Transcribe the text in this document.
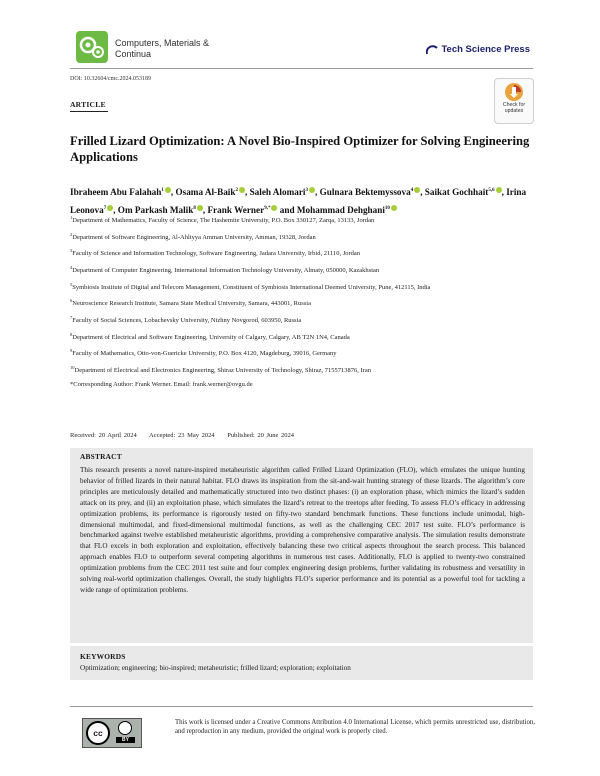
Computers, Materials & Continua	Tech Science Press
DOI: 10.32604/cmc.2024.053189
Check for updates
ARTICLE
Frilled Lizard Optimization: A Novel Bio-Inspired Optimizer for Solving Engineering Applications
Ibraheem Abu Falahah$^1$ , Osama Al-Baik$^2$ , Saleh Alomari$^3$ , Gulnara Bektemyssova$^4$ , Saikat Gochhait$^{5,6}$ , Irina Leonova$^7$ , Om Parkash Malik$^8$ , Frank Werner$^{9,*}$ and Mohammad Dehghani$^{10}$
$^1$Department of Mathematics, Faculty of Science, The Hashemite University, P.O. Box 330127, Zarqa, 13133, Jordan
$^2$Department of Software Engineering, Al-Ahliyya Amman University, Amman, 19328, Jordan
$^3$Faculty of Science and Information Technology, Software Engineering, Jadara University, Irbid, 21110, Jordan
$^4$Department of Computer Engineering, International Information Technology University, Almaty, 050000, Kazakhstan
$^5$Symbiosis Institute of Digital and Telecom Management, Constituent of Symbiosis International Deemed University, Pune, 412115, India
$^6$Neuroscience Research Institute, Samara State Medical University, Samara, 443001, Russia
$^7$Faculty of Social Sciences, Lobachevsky University, Nizhny Novgorod, 603950, Russia
$^8$Department of Electrical and Software Engineering, University of Calgary, Calgary, AB T2N 1N4, Canada
$^9$Faculty of Mathematics, Otto-von-Guericke University, P.O. Box 4120, Magdeburg, 39016, Germany
$^{10}$Department of Electrical and Electronics Engineering, Shiraz University of Technology, Shiraz, 7155713876, Iran
*Corresponding Author: Frank Werner. Email: frank.werner@ovgu.de
Received: 20 April 2024 Accepted: 23 May 2024 Published: 20 June 2024
ABSTRACT
This research presents a novel nature-inspired metaheuristic algorithm called Frilled Lizard Optimization (FLO), which emulates the unique hunting behavior of frilled lizards in their natural habitat. FLO draws its inspiration from the sit-and-wait hunting strategy of these lizards. The algorithm’s core principles are meticulously detailed and mathematically structured into two distinct phases: (i) an exploration phase, which mimics the lizard’s sudden attack on its prey, and (ii) an exploitation phase, which simulates the lizard’s retreat to the treetops after feeding. To assess FLO’s efficacy in addressing optimization problems, its performance is rigorously tested on fifty-two standard benchmark functions. These functions include unimodal, high-dimensional multimodal, and fixed-dimensional multimodal functions, as well as the challenging CEC 2017 test suite. FLO’s performance is benchmarked against twelve established metaheuristic algorithms, providing a comprehensive comparative analysis. The simulation results demonstrate that FLO excels in both exploration and exploitation, effectively balancing these two critical aspects throughout the search process. This balanced approach enables FLO to outperform several competing algorithms in numerous test cases. Additionally, FLO is applied to twenty-two constrained optimization problems from the CEC 2011 test suite and four complex engineering design problems, further validating its robustness and versatility in solving real-world optimization challenges. Overall, the study highlights FLO’s superior performance and its potential as a powerful tool for tackling a wide range of optimization problems.
KEYWORDS
Optimization; engineering; bio-inspired; metaheuristic; frilled lizard; exploration; exploitation
cc
BY
This work is licensed under a Creative Commons Attribution 4.0 International License, which permits unrestricted use, distribution, and reproduction in any medium, provided the original work is properly cited.
